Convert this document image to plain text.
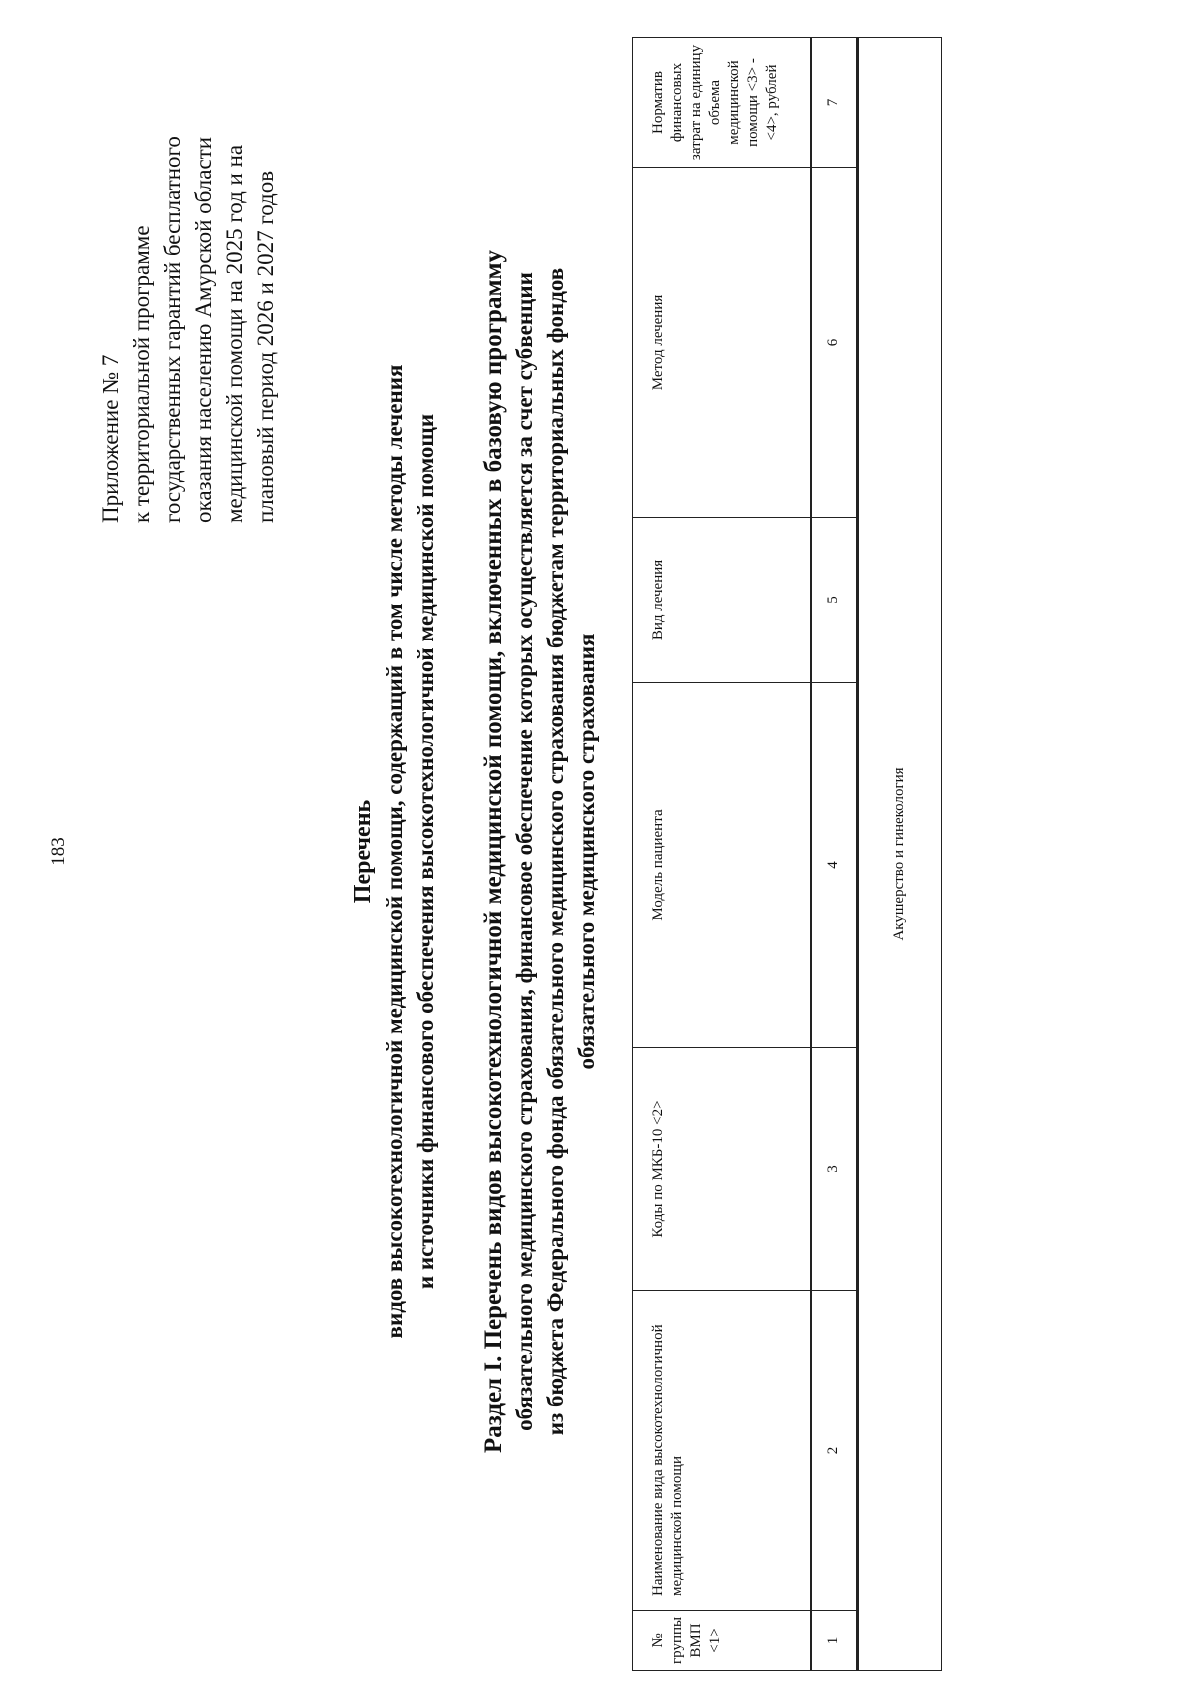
183
Приложение № 7 к территориальной программе государственных гарантий бесплатного оказания населению Амурской области медицинской помощи на 2025 год и на плановый период 2026 и 2027 годов
Перечень видов высокотехнологичной медицинской помощи, содержащий в том числе методы лечения и источники финансового обеспечения высокотехнологичной медицинской помощи Раздел I. Перечень видов высокотехнологичной медицинской помощи, включенных в базовую программу обязательного медицинского страхования, финансовое обеспечение которых осуществляется за счет субвенции из бюджета Федерального фонда обязательного медицинского страхования бюджетам территориальных фондов обязательного медицинского страхования
№ группы ВМП <1>	Наименование вида высокотехнологичной медицинской помощи	Коды по МКБ-10 <2>	Модель пациента	Вид лечения	Метод лечения	Норматив финансовых затрат на единицу объема медицинской помощи <3> - <4>, рублей
1	2	3	4	5	6	7
Акушерство и гинекология						
